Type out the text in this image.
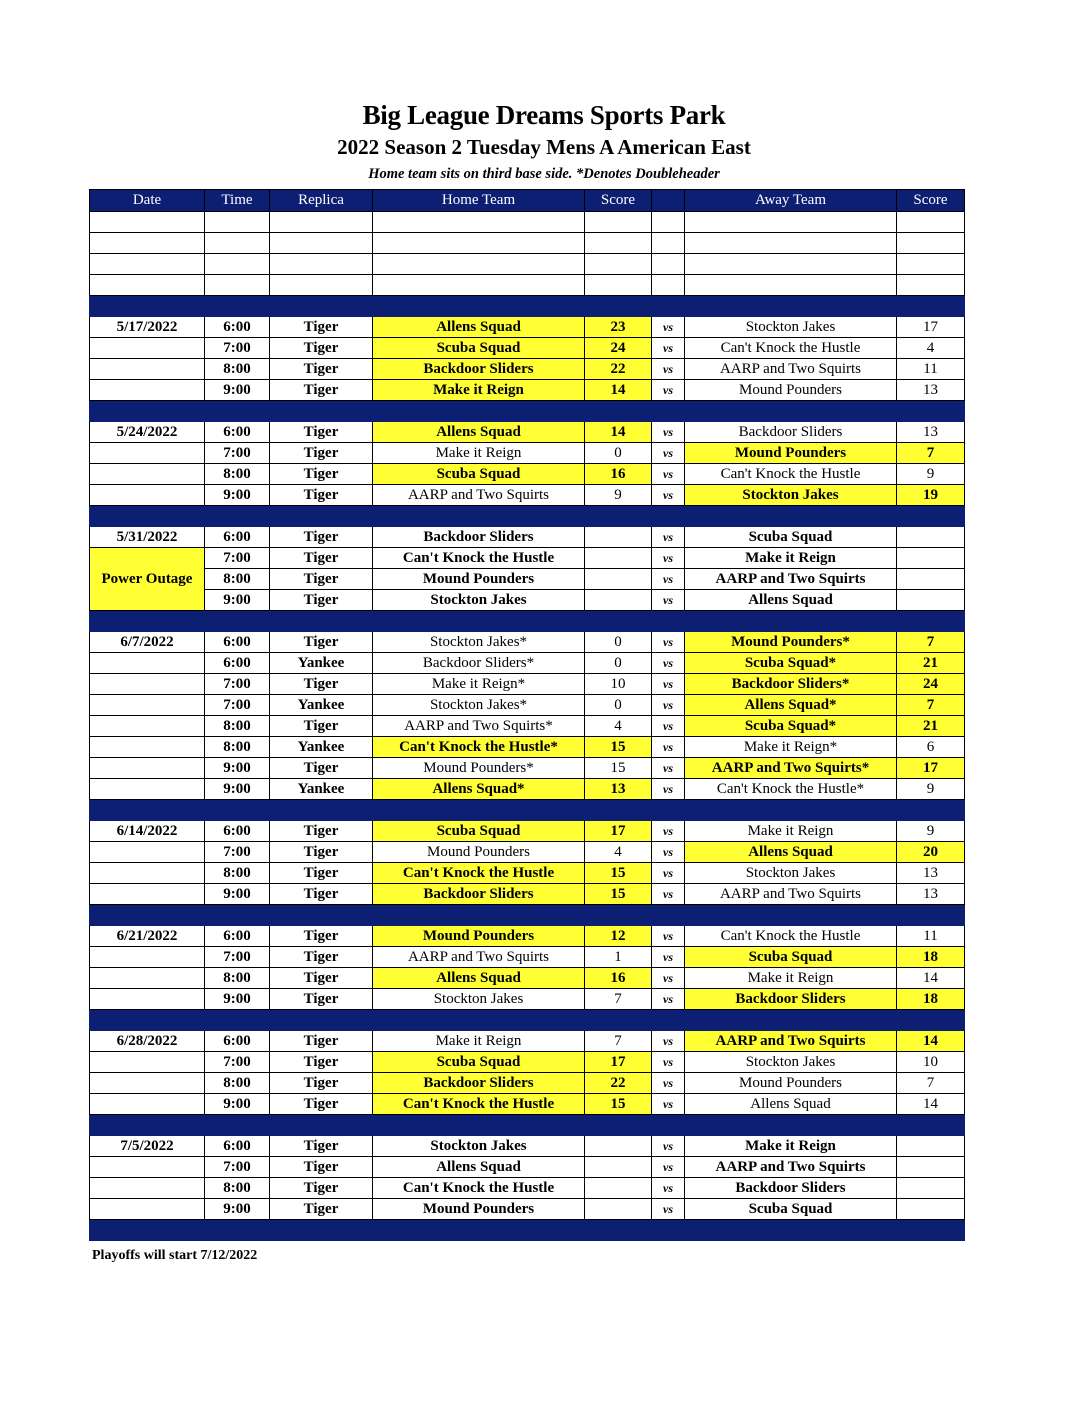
Big League Dreams Sports Park
2022 Season 2 Tuesday Mens A American East
Home team sits on third base side. *Denotes Doubleheader
Date	Time	Replica	Home Team	Score		Away Team	Score

5/17/2022	6:00	Tiger	Allens Squad	23	vs	Stockton Jakes	17
	7:00	Tiger	Scuba Squad	24	vs	Can't Knock the Hustle	4
	8:00	Tiger	Backdoor Sliders	22	vs	AARP and Two Squirts	11
	9:00	Tiger	Make it Reign	14	vs	Mound Pounders	13

5/24/2022	6:00	Tiger	Allens Squad	14	vs	Backdoor Sliders	13
	7:00	Tiger	Make it Reign	0	vs	Mound Pounders	7
	8:00	Tiger	Scuba Squad	16	vs	Can't Knock the Hustle	9
	9:00	Tiger	AARP and Two Squirts	9	vs	Stockton Jakes	19

5/31/2022	6:00	Tiger	Backdoor Sliders		vs	Scuba Squad	
	7:00	Tiger	Can't Knock the Hustle		vs	Make it Reign	
Power Outage	8:00	Tiger	Mound Pounders		vs	AARP and Two Squirts	
	9:00	Tiger	Stockton Jakes		vs	Allens Squad	

6/7/2022	6:00	Tiger	Stockton Jakes*	0	vs	Mound Pounders*	7
	6:00	Yankee	Backdoor Sliders*	0	vs	Scuba Squad*	21
	7:00	Tiger	Make it Reign*	10	vs	Backdoor Sliders*	24
	7:00	Yankee	Stockton Jakes*	0	vs	Allens Squad*	7
	8:00	Tiger	AARP and Two Squirts*	4	vs	Scuba Squad*	21
	8:00	Yankee	Can't Knock the Hustle*	15	vs	Make it Reign*	6
	9:00	Tiger	Mound Pounders*	15	vs	AARP and Two Squirts*	17
	9:00	Yankee	Allens Squad*	13	vs	Can't Knock the Hustle*	9

6/14/2022	6:00	Tiger	Scuba Squad	17	vs	Make it Reign	9
	7:00	Tiger	Mound Pounders	4	vs	Allens Squad	20
	8:00	Tiger	Can't Knock the Hustle	15	vs	Stockton Jakes	13
	9:00	Tiger	Backdoor Sliders	15	vs	AARP and Two Squirts	13

6/21/2022	6:00	Tiger	Mound Pounders	12	vs	Can't Knock the Hustle	11
	7:00	Tiger	AARP and Two Squirts	1	vs	Scuba Squad	18
	8:00	Tiger	Allens Squad	16	vs	Make it Reign	14
	9:00	Tiger	Stockton Jakes	7	vs	Backdoor Sliders	18

6/28/2022	6:00	Tiger	Make it Reign	7	vs	AARP and Two Squirts	14
	7:00	Tiger	Scuba Squad	17	vs	Stockton Jakes	10
	8:00	Tiger	Backdoor Sliders	22	vs	Mound Pounders	7
	9:00	Tiger	Can't Knock the Hustle	15	vs	Allens Squad	14

7/5/2022	6:00	Tiger	Stockton Jakes		vs	Make it Reign	
	7:00	Tiger	Allens Squad		vs	AARP and Two Squirts	
	8:00	Tiger	Can't Knock the Hustle		vs	Backdoor Sliders	
	9:00	Tiger	Mound Pounders		vs	Scuba Squad	

Playoffs will start 7/12/2022
